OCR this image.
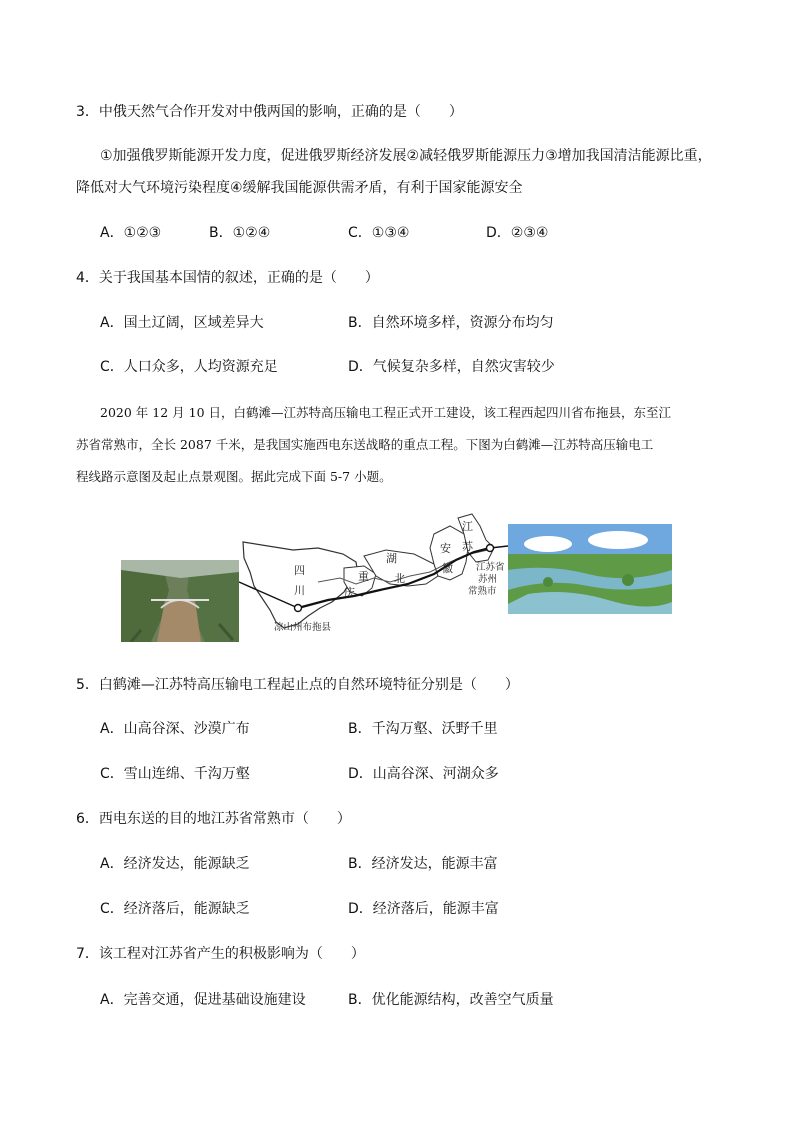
3．中俄天然气合作开发对中俄两国的影响，正确的是（　　）
①加强俄罗斯能源开发力度，促进俄罗斯经济发展②减轻俄罗斯能源压力③增加我国清洁能源比重，
降低对大气环境污染程度④缓解我国能源供需矛盾，有利于国家能源安全
A．①②③	B．①②④	C．①③④	D．②③④
4．关于我国基本国情的叙述，正确的是（　　）
A．国土辽阔，区域差异大	B．自然环境多样，资源分布均匀
C．人口众多，人均资源充足	D．气候复杂多样，自然灾害较少
2020 年 12 月 10 日，白鹤滩—江苏特高压输电工程正式开工建设，该工程西起四川省布拖县，东至江
苏省常熟市，全长 2087 千米，是我国实施西电东送战略的重点工程。下图为白鹤滩—江苏特高压输电工
程线路示意图及起止点景观图。据此完成下面 5-7 小题。
四
川
重
庆
湖
北
安
徽
江
苏
凉山州布拖县
江苏省
苏州
常熟市
5．白鹤滩—江苏特高压输电工程起止点的自然环境特征分别是（　　）
A．山高谷深、沙漠广布	B．千沟万壑、沃野千里
C．雪山连绵、千沟万壑	D．山高谷深、河湖众多
6．西电东送的目的地江苏省常熟市（　　）
A．经济发达，能源缺乏	B．经济发达，能源丰富
C．经济落后，能源缺乏	D．经济落后，能源丰富
7．该工程对江苏省产生的积极影响为（　　）
A．完善交通，促进基础设施建设	B．优化能源结构，改善空气质量
